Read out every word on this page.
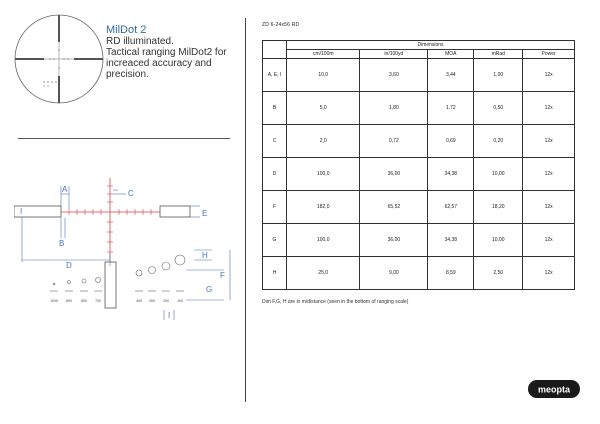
MilDot 2
RD illuminated.
Tactical ranging MilDot2 for increaced accuracy and precision.
A
B
C
D
E
F
G
H
I
I
1000 800	600 700	400 300 200 100
ZD 6-24x56 RD
	Dimensions				
	cm/100m	in/100yd	MOA	mRad	Power
A, E, I	10,0	3,60	3,44	1,00	12x
B	5,0	1,80	1,72	0,50	12x
C	2,0	0,72	0,69	0,20	12x
D	100,0	36,00	34,38	10,00	12x
F	182,0	65,52	62,57	18,20	12x
G	100,0	36,00	34,38	10,00	12x
H	25,0	9,00	8,59	2,50	12x
Dim F,G, H are in m/distance (seen in the bottom of ranging scale)
meopta
